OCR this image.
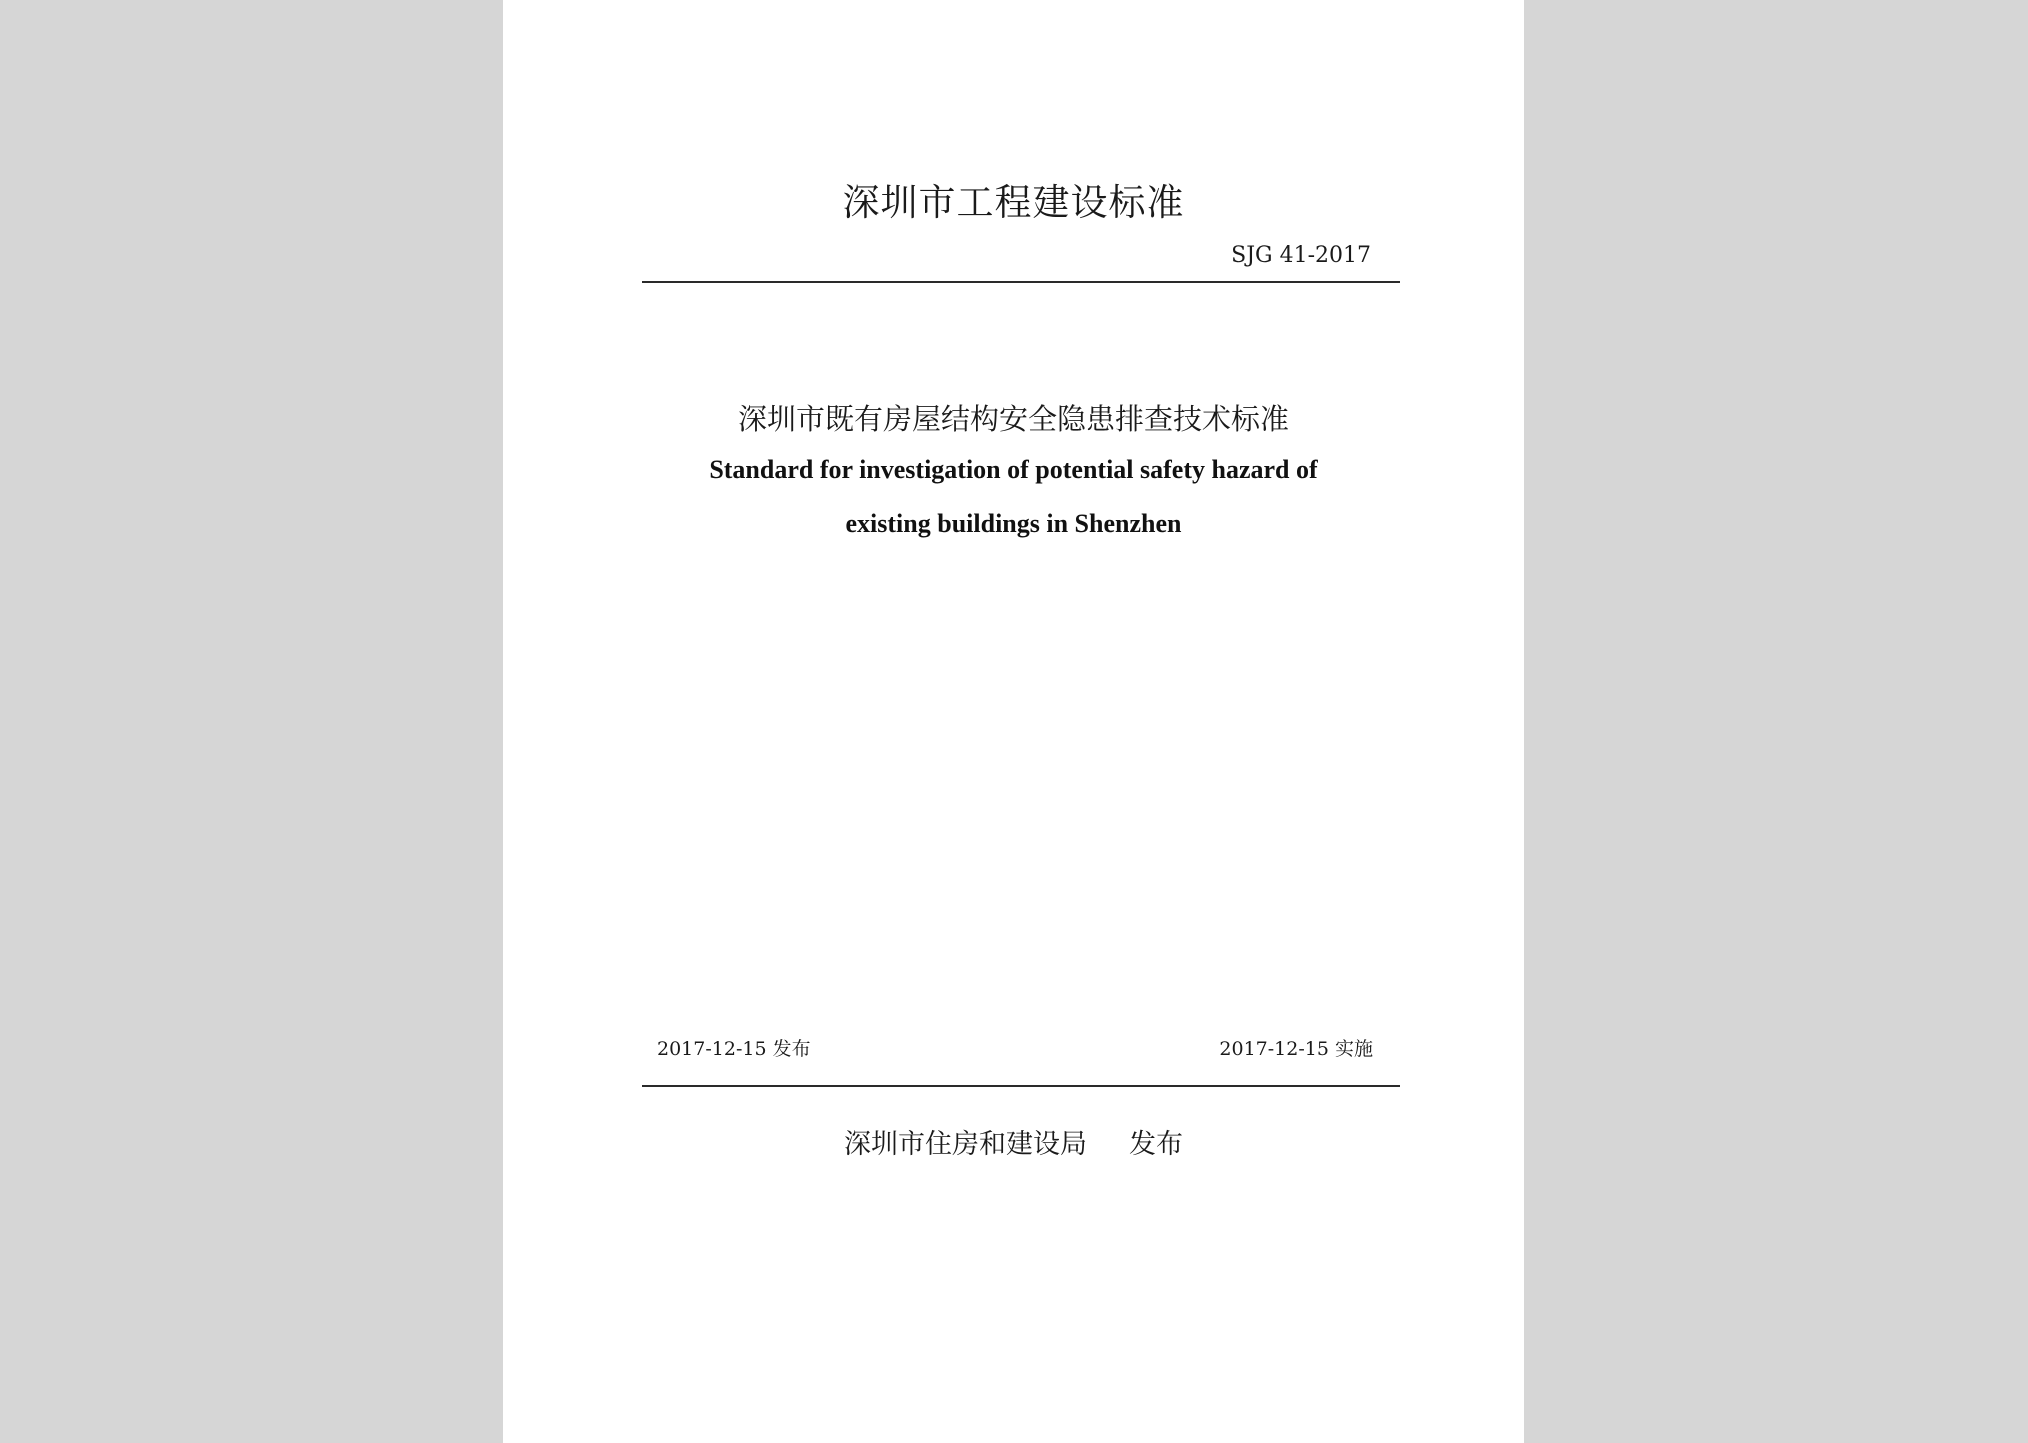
深圳市工程建设标准
SJG 41-2017
深圳市既有房屋结构安全隐患排查技术标准
Standard for investigation of potential safety hazard of
existing buildings in Shenzhen
2017-12-15 发布	2017-12-15 实施
深圳市住房和建设局 发布
